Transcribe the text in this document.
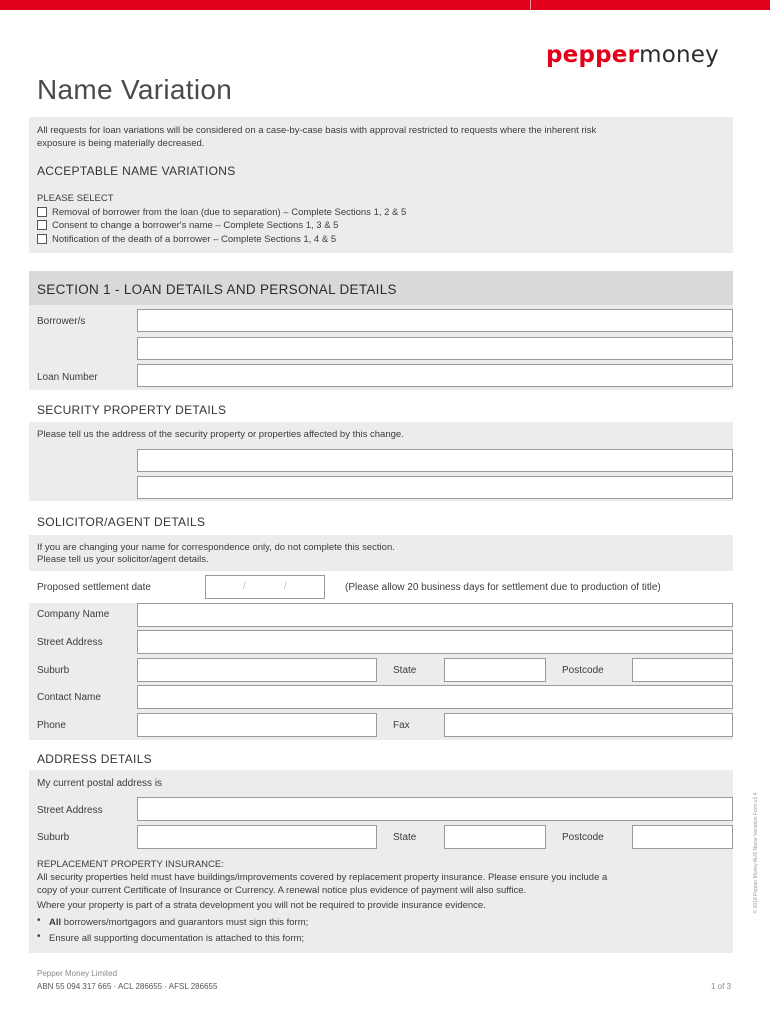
peppermoney
Name Variation
All requests for loan variations will be considered on a case-by-case basis with approval restricted to requests where the inherent risk
exposure is being materially decreased.
ACCEPTABLE NAME VARIATIONS
PLEASE SELECT
Removal of borrower from the loan (due to separation) – Complete Sections 1, 2 & 5
Consent to change a borrower's name – Complete Sections 1, 3 & 5
Notification of the death of a borrower – Complete Sections 1, 4 & 5
SECTION 1 - LOAN DETAILS AND PERSONAL DETAILS
Borrower/s
Loan Number
SECURITY PROPERTY DETAILS
Please tell us the address of the security property or properties affected by this change.
SOLICITOR/AGENT DETAILS
If you are changing your name for correspondence only, do not complete this section.
Please tell us your solicitor/agent details.
Proposed settlement date	/	/	(Please allow 20 business days for settlement due to production of title)
Company Name
Street Address
Suburb	State	Postcode
Contact Name
Phone	Fax
ADDRESS DETAILS
My current postal address is
Street Address
Suburb	State	Postcode
REPLACEMENT PROPERTY INSURANCE:
All security properties held must have buildings/improvements covered by replacement property insurance. Please ensure you include a
copy of your current Certificate of Insurance or Currency. A renewal notice plus evidence of payment will also suffice.
Where your property is part of a strata development you will not be required to provide insurance evidence.
• All borrowers/mortgagors and guarantors must sign this form;
• Ensure all supporting documentation is attached to this form;
© 2018 Pepper Money AUS Name Variation Form v1.4
Pepper Money Limited
ABN 55 094 317 665 · ACL 286655 · AFSL 286655	1 of 3
